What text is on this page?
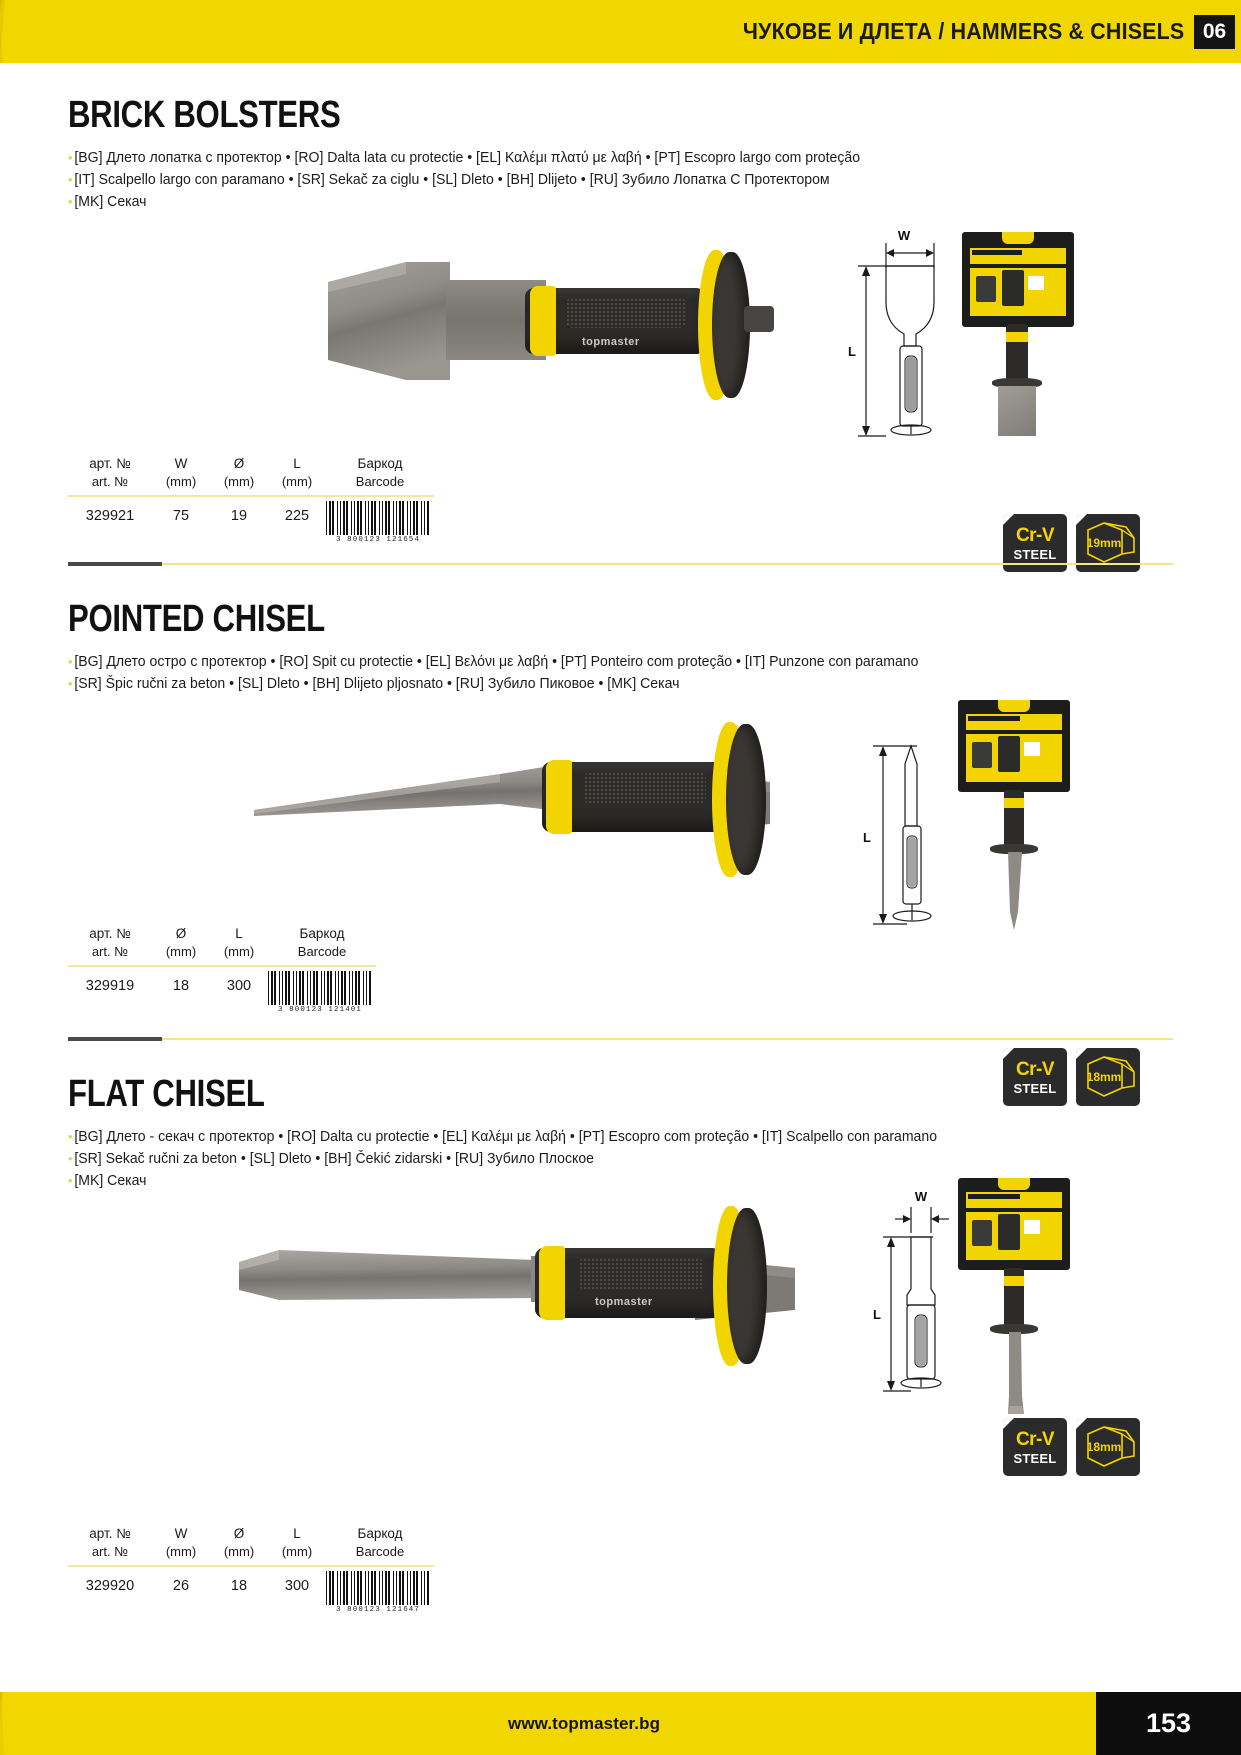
ЧУКОВЕ И ДЛЕТА / HAMMERS & CHISELS 06
BRICK BOLSTERS
• [BG] Длето лопатка с протектор • [RO] Dalta lata cu protectie • [EL] Καλέμι πλατύ με λαβή • [PT] Escopro largo com proteção
• [IT] Scalpello largo con paramano • [SR] Sekač za ciglu • [SL] Dleto • [BH] Dlijeto • [RU] Зубило Лопатка С Протектором
• [MK] Секач
topmaster
W
L
арт. №	W	Ø	L	Баркод
art. №	(mm)	(mm)	(mm)	Barcode

329921	75	19	225	3 800123 121654	Cr-V
STEEL
19mm
POINTED CHISEL
• [BG] Длето остро с протектор • [RO] Spit cu protectie • [EL] Βελόνι με λαβή • [PT] Ponteiro com proteção • [IT] Punzone con paramano
• [SR] Špic ručni za beton • [SL] Dleto • [BH] Dlijeto pljosnato • [RU] Зубило Пиковое • [MK] Секач
L
арт. №	Ø	L	Баркод
art. №	(mm)	(mm)	Barcode

329919	18	300	3 800123 121401
Cr-V
STEEL
18mm
FLAT CHISEL
• [BG] Длето - секач с протектор • [RO] Dalta cu protectie • [EL] Καλέμι με λαβή • [PT] Escopro com proteção • [IT] Scalpello con paramano
• [SR] Sekač ručni za beton • [SL] Dleto • [BH] Čekić zidarski • [RU] Зубило Плоское
• [MK] Секач
topmaster
W
L
арт. №	W	Ø	L	Баркод
art. №	(mm)	(mm)	(mm)	Barcode

329920	26	18	300	3 800123 121647
Cr-V
STEEL
18mm
www.topmaster.bg	153
